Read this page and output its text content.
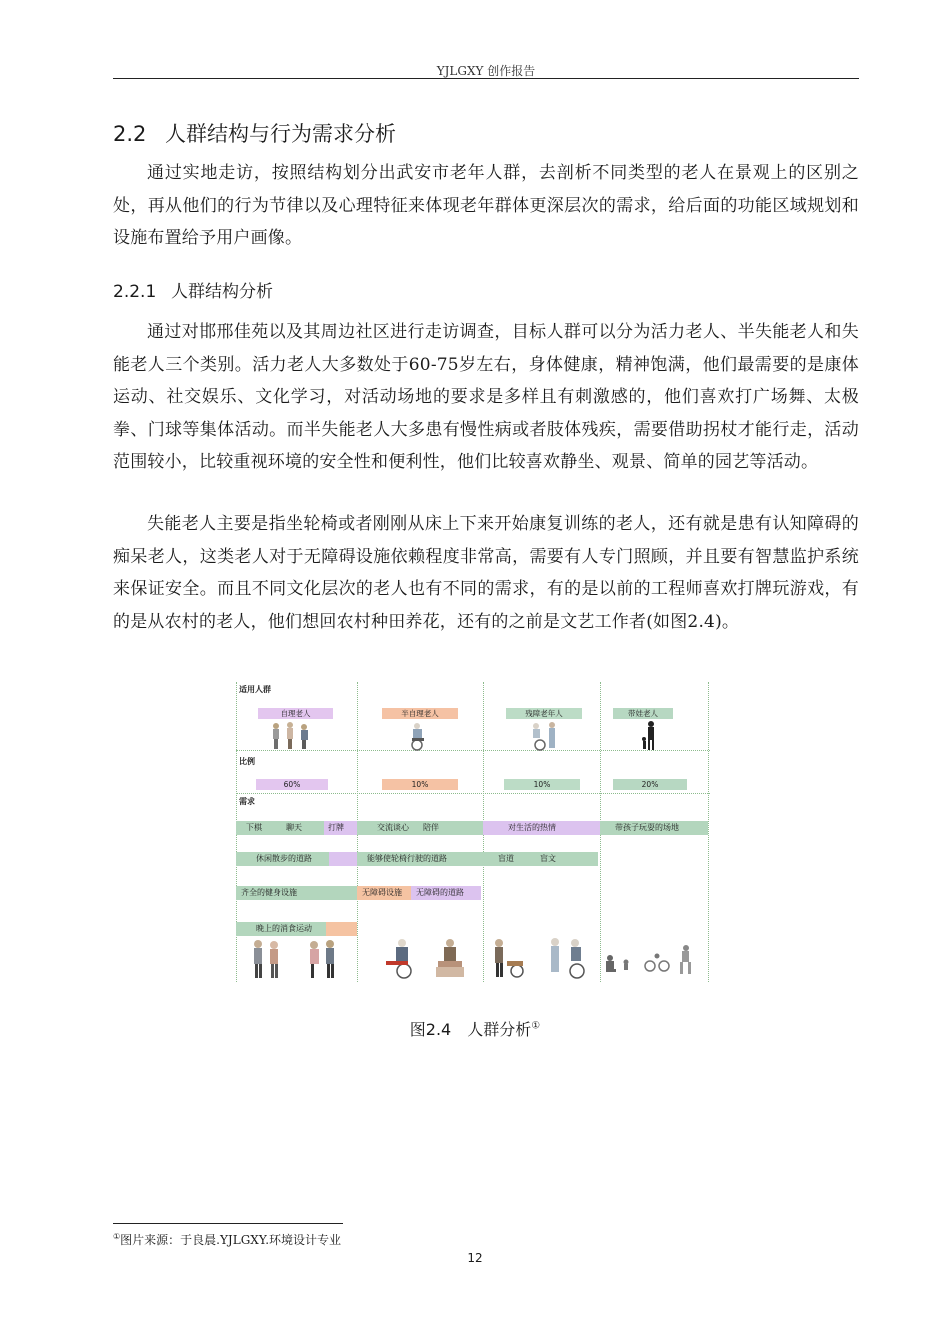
YJLGXY 创作报告
2.2 人群结构与行为需求分析

通过实地走访，按照结构划分出武安市老年人群，去剖析不同类型的老人在景观上的区别之处，再从他们的行为节律以及心理特征来体现老年群体更深层次的需求，给后面的功能区域规划和设施布置给予用户画像。

2.2.1 人群结构分析

通过对邯邢佳苑以及其周边社区进行走访调查，目标人群可以分为活力老人、半失能老人和失能老人三个类别。活力老人大多数处于60-75岁左右，身体健康，精神饱满，他们最需要的是康体运动、社交娱乐、文化学习，对活动场地的要求是多样且有刺激感的，他们喜欢打广场舞、太极拳、门球等集体活动。而半失能老人大多患有慢性病或者肢体残疾，需要借助拐杖才能行走，活动范围较小，比较重视环境的安全性和便利性，他们比较喜欢静坐、观景、简单的园艺等活动。

失能老人主要是指坐轮椅或者刚刚从床上下来开始康复训练的老人，还有就是患有认知障碍的痴呆老人，这类老人对于无障碍设施依赖程度非常高，需要有人专门照顾，并且要有智慧监护系统来保证安全。而且不同文化层次的老人也有不同的需求，有的是以前的工程师喜欢打牌玩游戏，有的是从农村的老人，他们想回农村种田养花，还有的之前是文艺工作者(如图2.4)。

适用人群
比例
需求
自理老人	半自理老人	残障老年人	带娃老人
60%	10%	10%	20%
下棋	聊天	打牌	交流谈心 陪伴	对生活的热情	带孩子玩耍的场地
休闲散步的道路	能够使轮椅行驶的道路	盲道	盲文
齐全的健身设施	无障碍设施	无障碍的道路
晚上的消食运动
图2.4　人群分析①
①图片来源：于良晨.YJLGXY.环境设计专业
12
